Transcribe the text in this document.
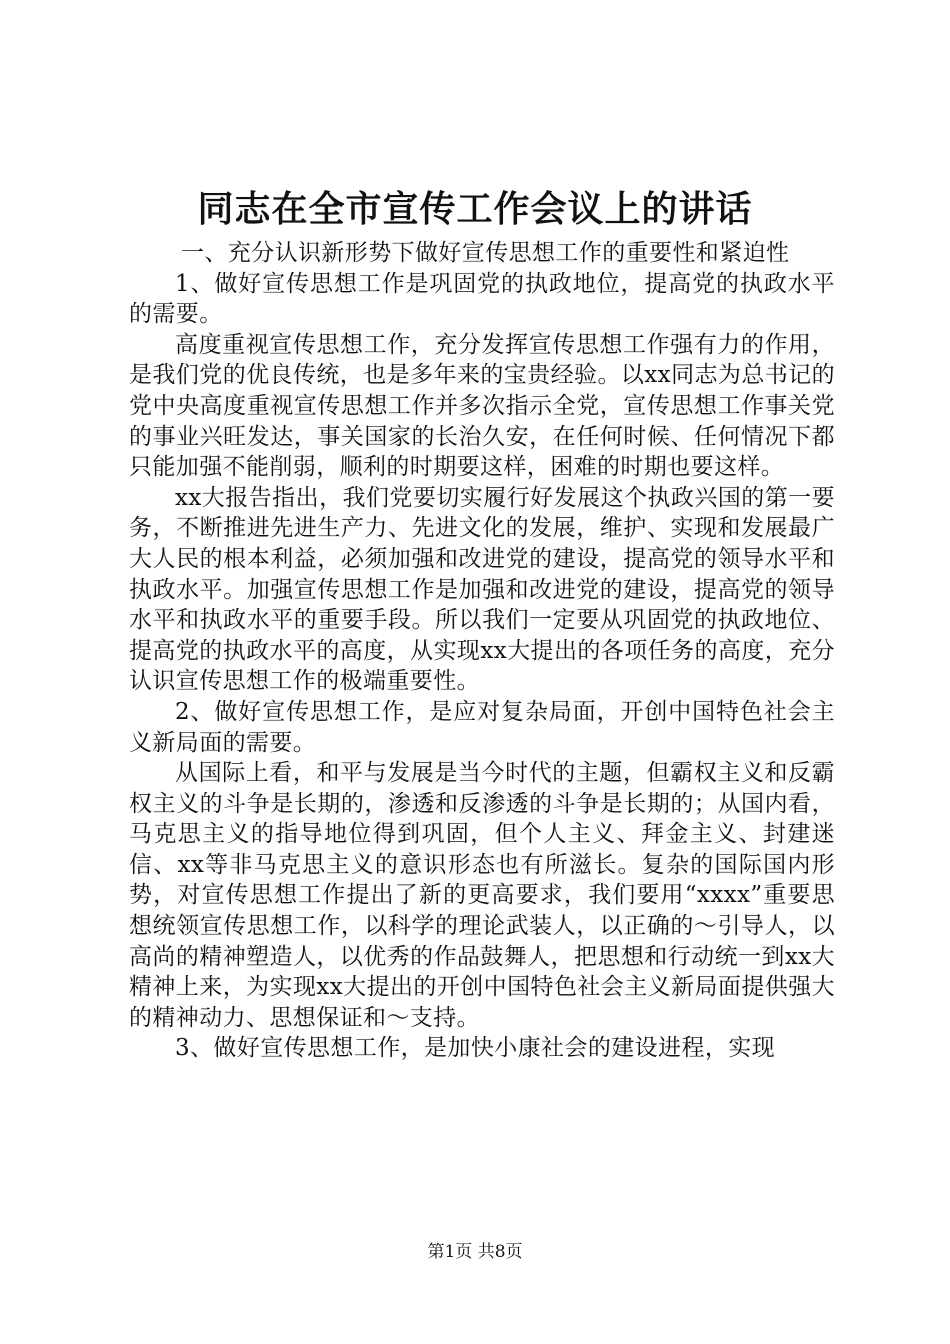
同志在全市宣传工作会议上的讲话

一、充分认识新形势下做好宣传思想工作的重要性和紧迫性

1、做好宣传思想工作是巩固党的执政地位，提高党的执政水平的需要。

高度重视宣传思想工作，充分发挥宣传思想工作强有力的作用，是我们党的优良传统，也是多年来的宝贵经验。以xx同志为总书记的党中央高度重视宣传思想工作并多次指示全党，宣传思想工作事关党的事业兴旺发达，事关国家的长治久安，在任何时候、任何情况下都只能加强不能削弱，顺利的时期要这样，困难的时期也要这样。

xx大报告指出，我们党要切实履行好发展这个执政兴国的第一要务，不断推进先进生产力、先进文化的发展，维护、实现和发展最广大人民的根本利益，必须加强和改进党的建设，提高党的领导水平和执政水平。加强宣传思想工作是加强和改进党的建设，提高党的领导水平和执政水平的重要手段。所以我们一定要从巩固党的执政地位、提高党的执政水平的高度，从实现xx大提出的各项任务的高度，充分认识宣传思想工作的极端重要性。

2、做好宣传思想工作，是应对复杂局面，开创中国特色社会主义新局面的需要。

从国际上看，和平与发展是当今时代的主题，但霸权主义和反霸权主义的斗争是长期的，渗透和反渗透的斗争是长期的；从国内看，马克思主义的指导地位得到巩固，但个人主义、拜金主义、封建迷信、xx等非马克思主义的意识形态也有所滋长。复杂的国际国内形势，对宣传思想工作提出了新的更高要求，我们要用“xxxx”重要思想统领宣传思想工作，以科学的理论武装人，以正确的～引导人，以高尚的精神塑造人，以优秀的作品鼓舞人，把思想和行动统一到xx大精神上来，为实现xx大提出的开创中国特色社会主义新局面提供强大的精神动力、思想保证和～支持。

3、做好宣传思想工作，是加快小康社会的建设进程，实现

第1页 共8页
